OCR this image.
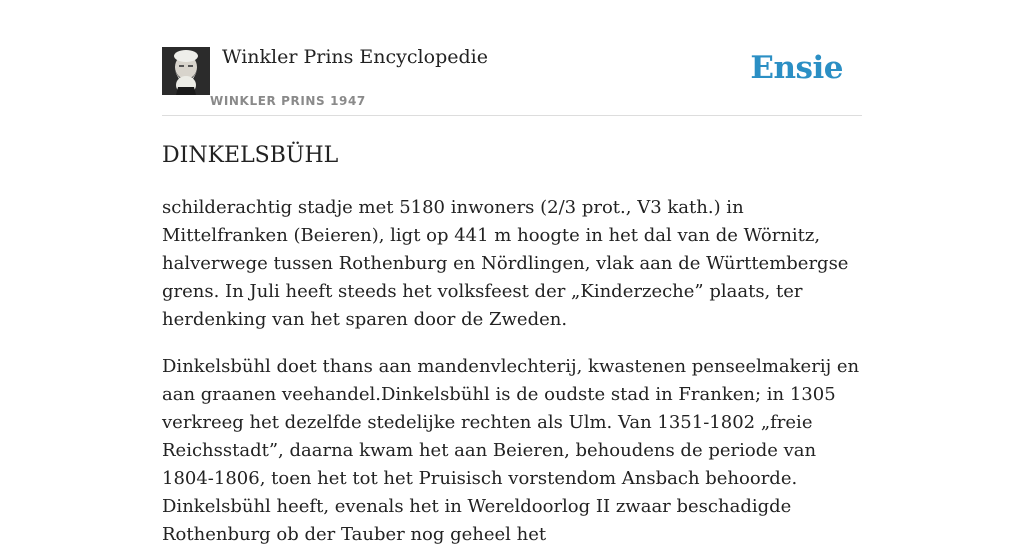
Winkler Prins Encyclopedie
WINKLER PRINS 1947
Ensie
DINKELSBÜHL

schilderachtig stadje met 5180 inwoners (2/3 prot., V3 kath.) in Mittelfranken (Beieren), ligt op 441 m hoogte in het dal van de Wörnitz, halverwege tussen Rothenburg en Nördlingen, vlak aan de Württembergse grens. In Juli heeft steeds het volksfeest der „Kinderzeche” plaats, ter herdenking van het sparen door de Zweden.

Dinkelsbühl doet thans aan mandenvlechterij, kwastenen penseelmakerij en aan graanen veehandel.Dinkelsbühl is de oudste stad in Franken; in 1305 verkreeg het dezelfde stedelijke rechten als Ulm. Van 1351-1802 „freie Reichsstadt”, daarna kwam het aan Beieren, behoudens de periode van 1804-1806, toen het tot het Pruisisch vorstendom Ansbach behoorde. Dinkelsbühl heeft, evenals het in Wereldoorlog II zwaar beschadigde Rothenburg ob der Tauber nog geheel het
